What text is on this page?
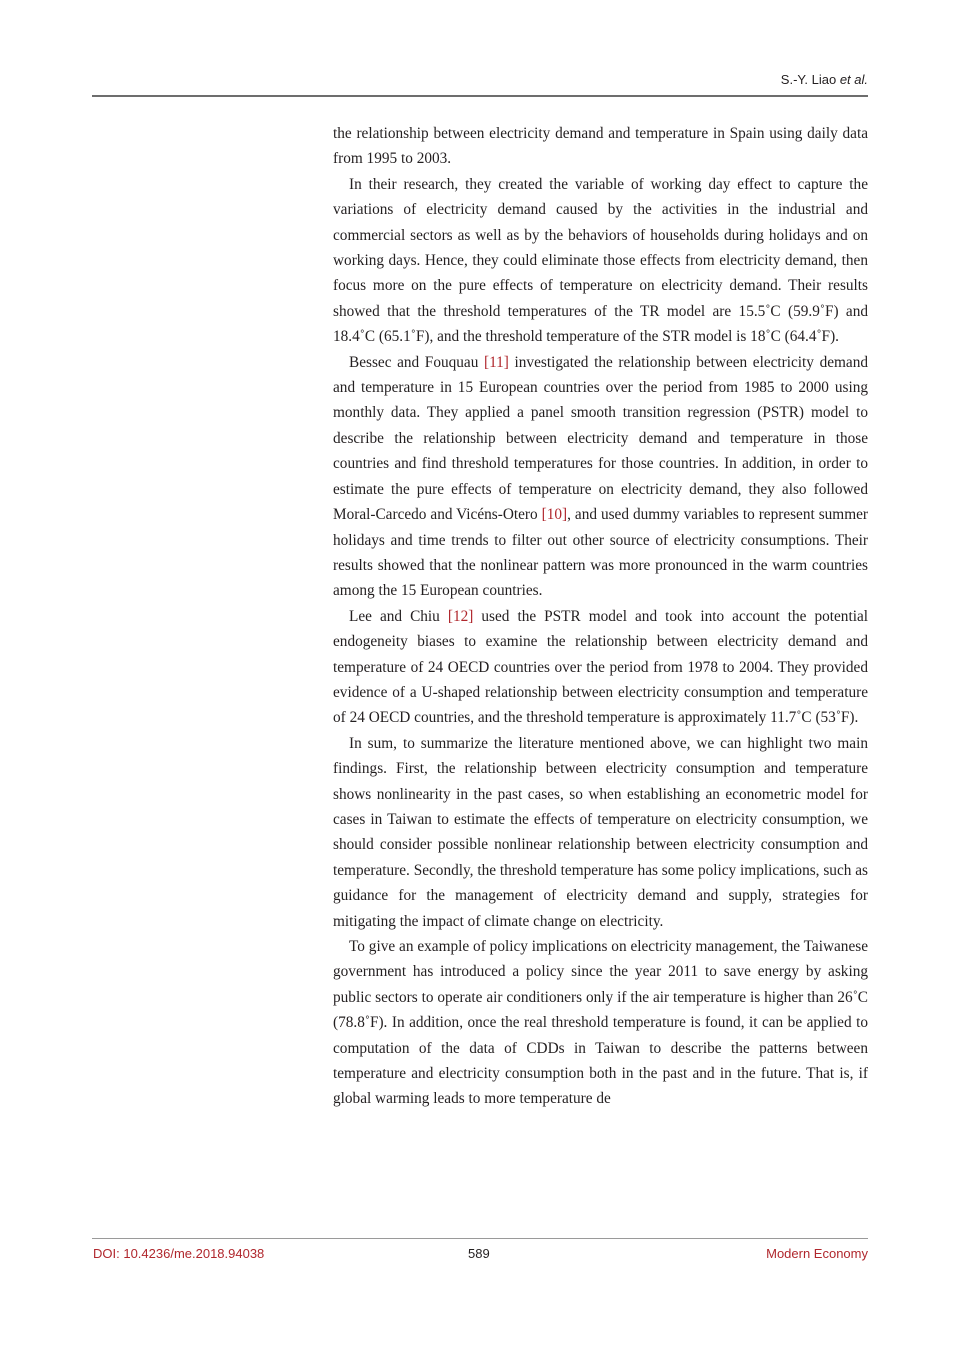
S.-Y. Liao et al.

the relationship between electricity demand and temperature in Spain using daily data from 1995 to 2003.

In their research, they created the variable of working day effect to capture the variations of electricity demand caused by the activities in the industrial and commercial sectors as well as by the behaviors of households during holidays and on working days. Hence, they could eliminate those effects from electricity demand, then focus more on the pure effects of temperature on electricity demand. Their results showed that the threshold temperatures of the TR model are 15.5˚C (59.9˚F) and 18.4˚C (65.1˚F), and the threshold temperature of the STR model is 18˚C (64.4˚F).

Bessec and Fouquau [11] investigated the relationship between electricity demand and temperature in 15 European countries over the period from 1985 to 2000 using monthly data. They applied a panel smooth transition regression (PSTR) model to describe the relationship between electricity demand and temperature in those countries and find threshold temperatures for those countries. In addition, in order to estimate the pure effects of temperature on electricity demand, they also followed Moral-Carcedo and Vicéns-Otero [10], and used dummy variables to represent summer holidays and time trends to filter out other source of electricity consumptions. Their results showed that the nonlinear pattern was more pronounced in the warm countries among the 15 European countries.

Lee and Chiu [12] used the PSTR model and took into account the potential endogeneity biases to examine the relationship between electricity demand and temperature of 24 OECD countries over the period from 1978 to 2004. They provided evidence of a U-shaped relationship between electricity consumption and temperature of 24 OECD countries, and the threshold temperature is approximately 11.7˚C (53˚F).

In sum, to summarize the literature mentioned above, we can highlight two main findings. First, the relationship between electricity consumption and temperature shows nonlinearity in the past cases, so when establishing an econometric model for cases in Taiwan to estimate the effects of temperature on electricity consumption, we should consider possible nonlinear relationship between electricity consumption and temperature. Secondly, the threshold temperature has some policy implications, such as guidance for the management of electricity demand and supply, strategies for mitigating the impact of climate change on electricity.

To give an example of policy implications on electricity management, the Taiwanese government has introduced a policy since the year 2011 to save energy by asking public sectors to operate air conditioners only if the air temperature is higher than 26˚C (78.8˚F). In addition, once the real threshold temperature is found, it can be applied to computation of the data of CDDs in Taiwan to describe the patterns between temperature and electricity consumption both in the past and in the future. That is, if global warming leads to more temperature de

DOI: 10.4236/me.2018.94038	589	Modern Economy
